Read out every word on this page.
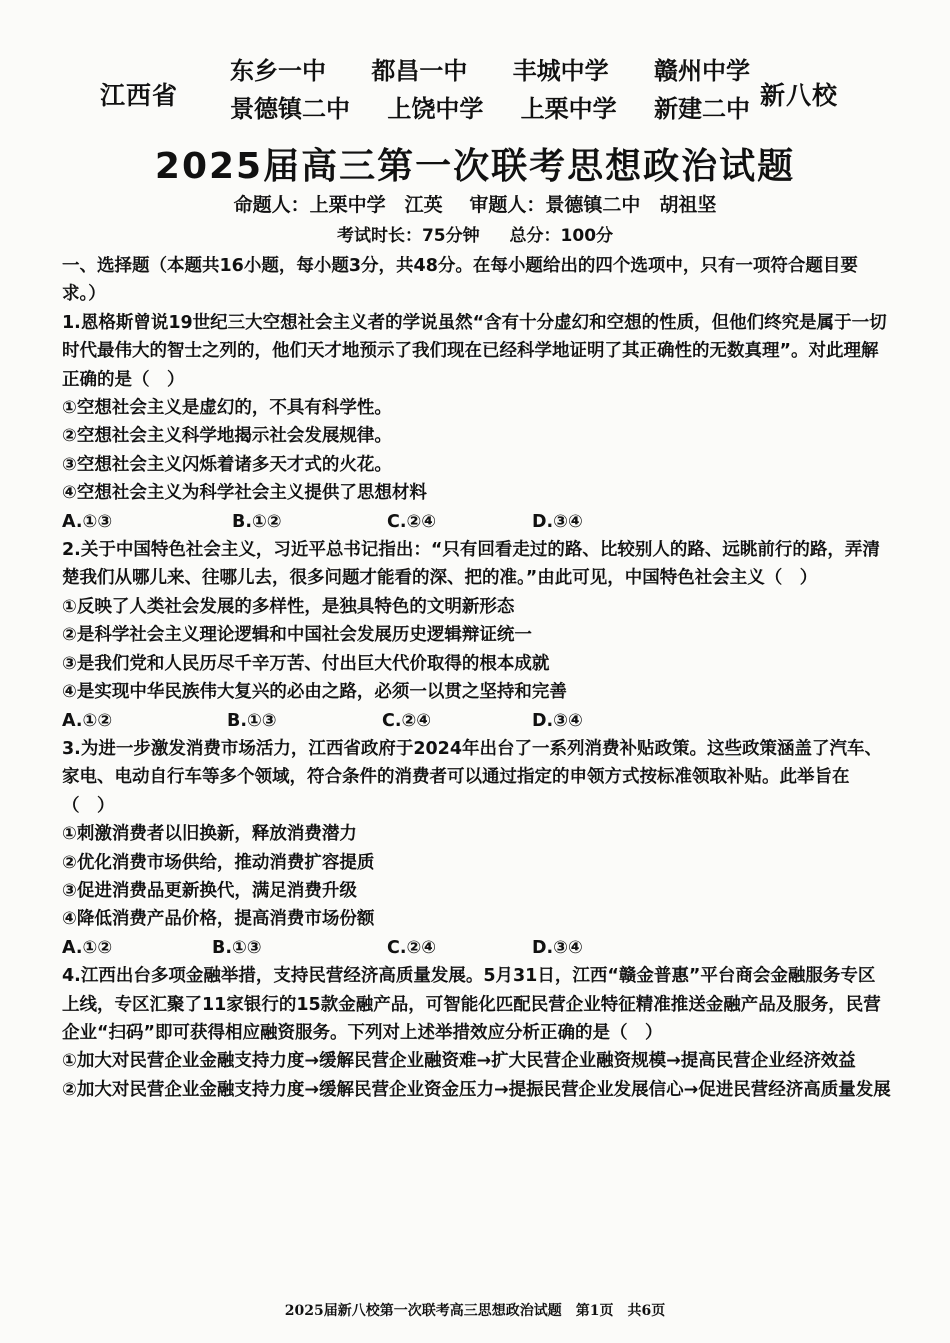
江西省
东乡一中 都昌一中 丰城中学 赣州中学
景德镇二中 上饶中学 上栗中学 新建二中 新八校
2025届高三第一次联考思想政治试题
命题人：上栗中学　江英 审题人：景德镇二中　胡祖坚
考试时长：75分钟 总分：100分

一、选择题（本题共16小题，每小题3分，共48分。在每小题给出的四个选项中，只有一项符合题目要求。）

1.恩格斯曾说19世纪三大空想社会主义者的学说虽然“含有十分虚幻和空想的性质，但他们终究是属于一切时代最伟大的智士之列的，他们天才地预示了我们现在已经科学地证明了其正确性的无数真理”。对此理解正确的是（　）

①空想社会主义是虚幻的，不具有科学性。

②空想社会主义科学地揭示社会发展规律。

③空想社会主义闪烁着诸多天才式的火花。

④空想社会主义为科学社会主义提供了思想材料

A.①③	B.①②	C.②④	D.③④

2.关于中国特色社会主义，习近平总书记指出：“只有回看走过的路、比较别人的路、远眺前行的路，弄清楚我们从哪儿来、往哪儿去，很多问题才能看的深、把的准。”由此可见，中国特色社会主义（　）

①反映了人类社会发展的多样性，是独具特色的文明新形态

②是科学社会主义理论逻辑和中国社会发展历史逻辑辩证统一

③是我们党和人民历尽千辛万苦、付出巨大代价取得的根本成就

④是实现中华民族伟大复兴的必由之路，必须一以贯之坚持和完善

A.①②	B.①③	C.②④	D.③④

3.为进一步激发消费市场活力，江西省政府于2024年出台了一系列消费补贴政策。这些政策涵盖了汽车、家电、电动自行车等多个领域，符合条件的消费者可以通过指定的申领方式按标准领取补贴。此举旨在（　）

①刺激消费者以旧换新，释放消费潜力

②优化消费市场供给，推动消费扩容提质

③促进消费品更新换代，满足消费升级

④降低消费产品价格，提高消费市场份额

A.①②	B.①③	C.②④	D.③④

4.江西出台多项金融举措，支持民营经济高质量发展。5月31日，江西“赣金普惠”平台商会金融服务专区上线，专区汇聚了11家银行的15款金融产品，可智能化匹配民营企业特征精准推送金融产品及服务，民营企业“扫码”即可获得相应融资服务。下列对上述举措效应分析正确的是（　）

①加大对民营企业金融支持力度→缓解民营企业融资难→扩大民营企业融资规模→提高民营企业经济效益

②加大对民营企业金融支持力度→缓解民营企业资金压力→提振民营企业发展信心→促进民营经济高质量发展

2025届新八校第一次联考高三思想政治试题　第1页　共6页
